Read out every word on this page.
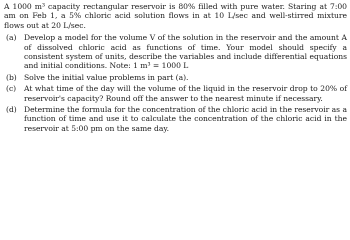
A 1000 m³ capacity rectangular reservoir is 80% filled with pure water. Staring at 7:00 am on Feb 1, a 5% chloric acid solution flows in at 10 L/sec and well-stirred mixture flows out at 20 L/sec.

(a) Develop a model for the volume V of the solution in the reservoir and the amount A of dissolved chloric acid as functions of time. Your model should specify a consistent system of units, describe the variables and include differential equations and initial conditions. Note: 1 m³ = 1000 L
(b) Solve the initial value problems in part (a).
(c) At what time of the day will the volume of the liquid in the reservoir drop to 20% of reservoir's capacity? Round off the answer to the nearest minute if necessary.
(d) Determine the formula for the concentration of the chloric acid in the reservoir as a function of time and use it to calculate the concentration of the chloric acid in the reservoir at 5:00 pm on the same day.
